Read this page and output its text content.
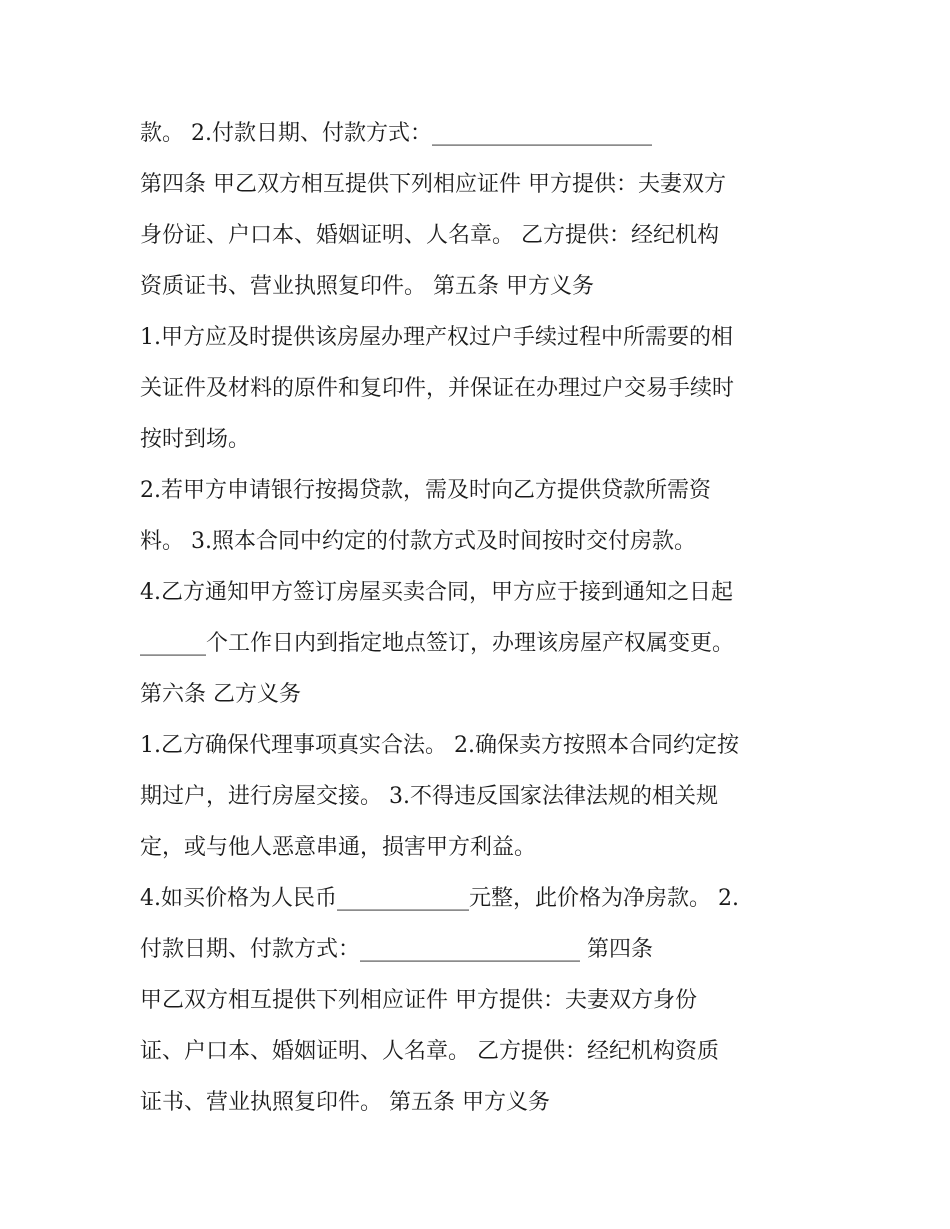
款。 2.付款日期、付款方式：____________________
第四条 甲乙双方相互提供下列相应证件 甲方提供：夫妻双方
身份证、户口本、婚姻证明、人名章。 乙方提供：经纪机构
资质证书、营业执照复印件。 第五条 甲方义务
1.甲方应及时提供该房屋办理产权过户手续过程中所需要的相
关证件及材料的原件和复印件，并保证在办理过户交易手续时
按时到场。
2.若甲方申请银行按揭贷款，需及时向乙方提供贷款所需资
料。 3.照本合同中约定的付款方式及时间按时交付房款。
4.乙方通知甲方签订房屋买卖合同，甲方应于接到通知之日起
______个工作日内到指定地点签订，办理该房屋产权属变更。
第六条 乙方义务
1.乙方确保代理事项真实合法。 2.确保卖方按照本合同约定按
期过户，进行房屋交接。 3.不得违反国家法律法规的相关规
定，或与他人恶意串通，损害甲方利益。
4.如买价格为人民币____________元整，此价格为净房款。 2.
付款日期、付款方式：____________________ 第四条
甲乙双方相互提供下列相应证件 甲方提供：夫妻双方身份
证、户口本、婚姻证明、人名章。 乙方提供：经纪机构资质
证书、营业执照复印件。 第五条 甲方义务
